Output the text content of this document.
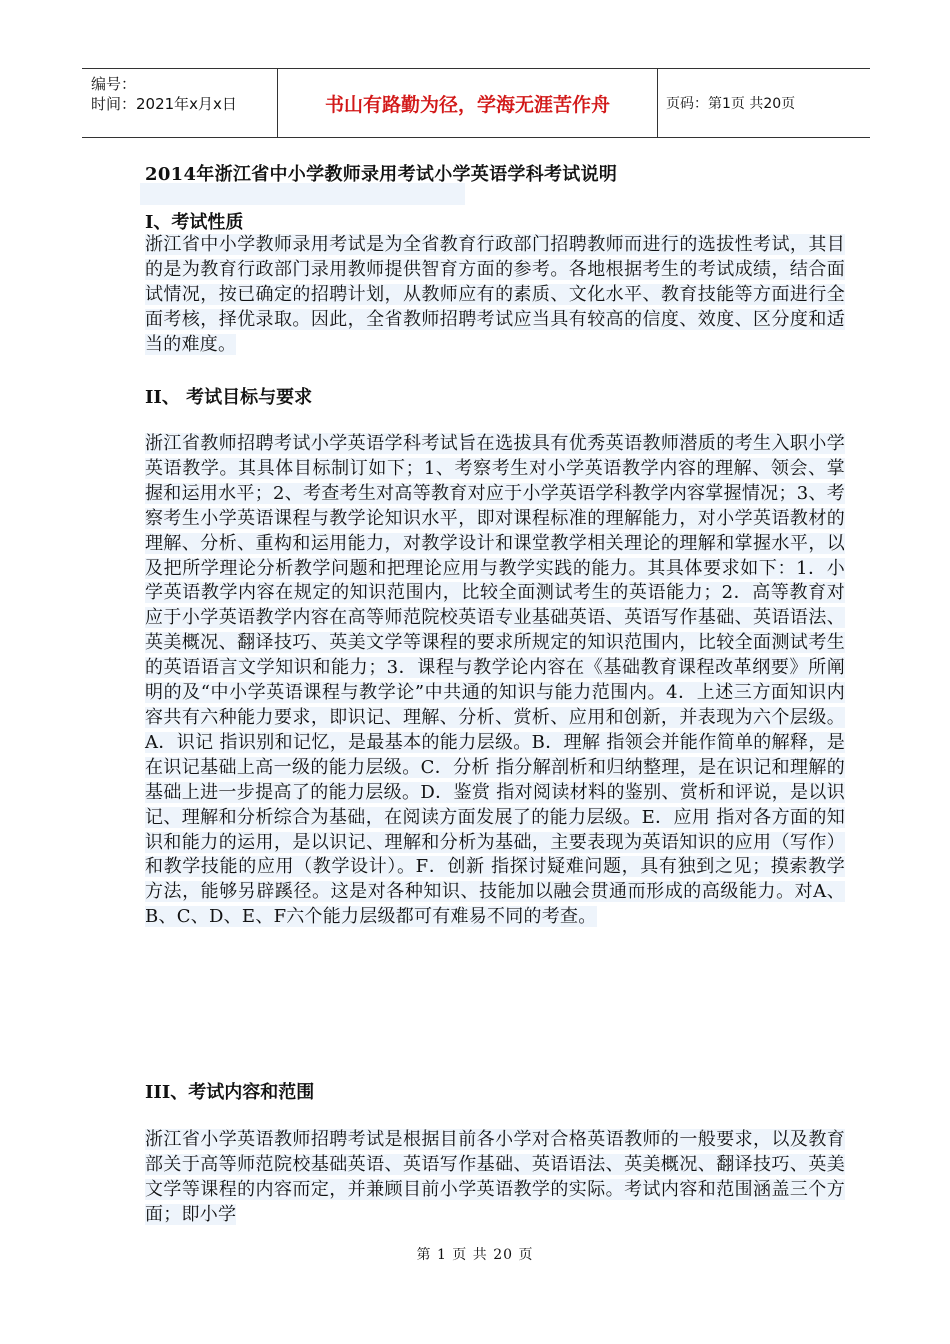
编号：
时间：2021年x月x日	书山有路勤为径，学海无涯苦作舟	页码：第1页 共20页
2014年浙江省中小学教师录用考试小学英语学科考试说明
Ⅰ、考试性质
浙江省中小学教师录用考试是为全省教育行政部门招聘教师而进行的选拔性考试，其目的是为教育行政部门录用教师提供智育方面的参考。各地根据考生的考试成绩，结合面试情况，按已确定的招聘计划，从教师应有的素质、文化水平、教育技能等方面进行全面考核，择优录取。因此，全省教师招聘考试应当具有较高的信度、效度、区分度和适当的难度。
II、 考试目标与要求
浙江省教师招聘考试小学英语学科考试旨在选拔具有优秀英语教师潜质的考生入职小学英语教学。其具体目标制订如下；1、考察考生对小学英语教学内容的理解、领会、掌握和运用水平；2、考查考生对高等教育对应于小学英语学科教学内容掌握情况；3、考察考生小学英语课程与教学论知识水平，即对课程标准的理解能力，对小学英语教材的理解、分析、重构和运用能力，对教学设计和课堂教学相关理论的理解和掌握水平，以及把所学理论分析教学问题和把理论应用与教学实践的能力。其具体要求如下：1．小学英语教学内容在规定的知识范围内，比较全面测试考生的英语能力；2．高等教育对应于小学英语教学内容在高等师范院校英语专业基础英语、英语写作基础、英语语法、英美概况、翻译技巧、英美文学等课程的要求所规定的知识范围内，比较全面测试考生的英语语言文学知识和能力；3．课程与教学论内容在《基础教育课程改革纲要》所阐明的及“中小学英语课程与教学论”中共通的知识与能力范围内。4．上述三方面知识内容共有六种能力要求，即识记、理解、分析、赏析、应用和创新，并表现为六个层级。A．识记 指识别和记忆，是最基本的能力层级。B．理解 指领会并能作简单的解释，是在识记基础上高一级的能力层级。C．分析 指分解剖析和归纳整理，是在识记和理解的基础上进一步提高了的能力层级。D．鉴赏 指对阅读材料的鉴别、赏析和评说，是以识记、理解和分析综合为基础，在阅读方面发展了的能力层级。E．应用 指对各方面的知识和能力的运用，是以识记、理解和分析为基础，主要表现为英语知识的应用（写作）和教学技能的应用（教学设计）。F．创新 指探讨疑难问题，具有独到之见；摸索教学方法，能够另辟蹊径。这是对各种知识、技能加以融会贯通而形成的高级能力。对A、B、C、D、E、F六个能力层级都可有难易不同的考查。
III、考试内容和范围
浙江省小学英语教师招聘考试是根据目前各小学对合格英语教师的一般要求，以及教育部关于高等师范院校基础英语、英语写作基础、英语语法、英美概况、翻译技巧、英美文学等课程的内容而定，并兼顾目前小学英语教学的实际。考试内容和范围涵盖三个方面；即小学
第 1 页 共 20 页
